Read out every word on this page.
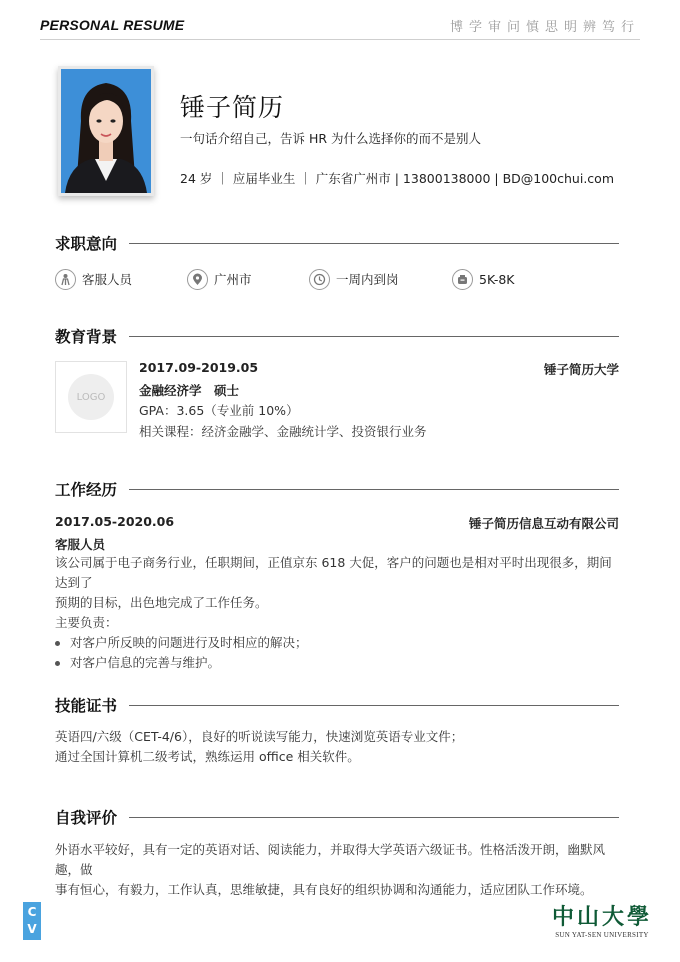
PERSONAL RESUME	博学审问慎思明辨笃行
锤子简历
一句话介绍自己，告诉 HR 为什么选择你的而不是别人
24 岁 ｜ 应届毕业生 ｜ 广东省广州市 | 13800138000 | BD@100chui.com
求职意向
客服人员	广州市	一周内到岗	5K-8K
教育背景
LOGO
2017.09-2019.05	锤子简历大学
金融经济学　硕士
GPA：3.65（专业前 10%）
相关课程：经济金融学、金融统计学、投资银行业务
工作经历
2017.05-2020.06	锤子简历信息互动有限公司
客服人员
该公司属于电子商务行业，任职期间，正值京东 618 大促，客户的问题也是相对平时出现很多，期间达到了
预期的目标，出色地完成了工作任务。
主要负责：
对客户所反映的问题进行及时相应的解决；
对客户信息的完善与维护。
技能证书
英语四/六级（CET-4/6），良好的听说读写能力，快速浏览英语专业文件；
通过全国计算机二级考试，熟练运用 office 相关软件。
自我评价
外语水平较好，具有一定的英语对话、阅读能力，并取得大学英语六级证书。性格活泼开朗，幽默风趣，做
事有恒心，有毅力，工作认真，思维敏捷，具有良好的组织协调和沟通能力，适应团队工作环境。
C
V	中山大學
SUN YAT-SEN UNIVERSITY
